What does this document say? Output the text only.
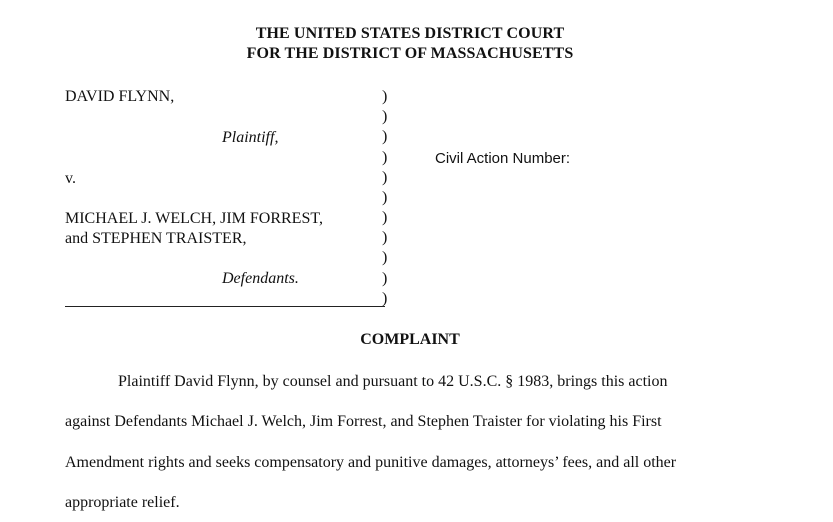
THE UNITED STATES DISTRICT COURT
FOR THE DISTRICT OF MASSACHUSETTS
DAVID FLYNN,
Plaintiff,
v.
MICHAEL J. WELCH, JIM FORREST,
and STEPHEN TRAISTER,
Defendants.
)
)
)
)
)
)
)
)
)
)
)
Civil Action Number:
COMPLAINT
Plaintiff David Flynn, by counsel and pursuant to 42 U.S.C. § 1983, brings this action
against Defendants Michael J. Welch, Jim Forrest, and Stephen Traister for violating his First
Amendment rights and seeks compensatory and punitive damages, attorneys’ fees, and all other
appropriate relief.
